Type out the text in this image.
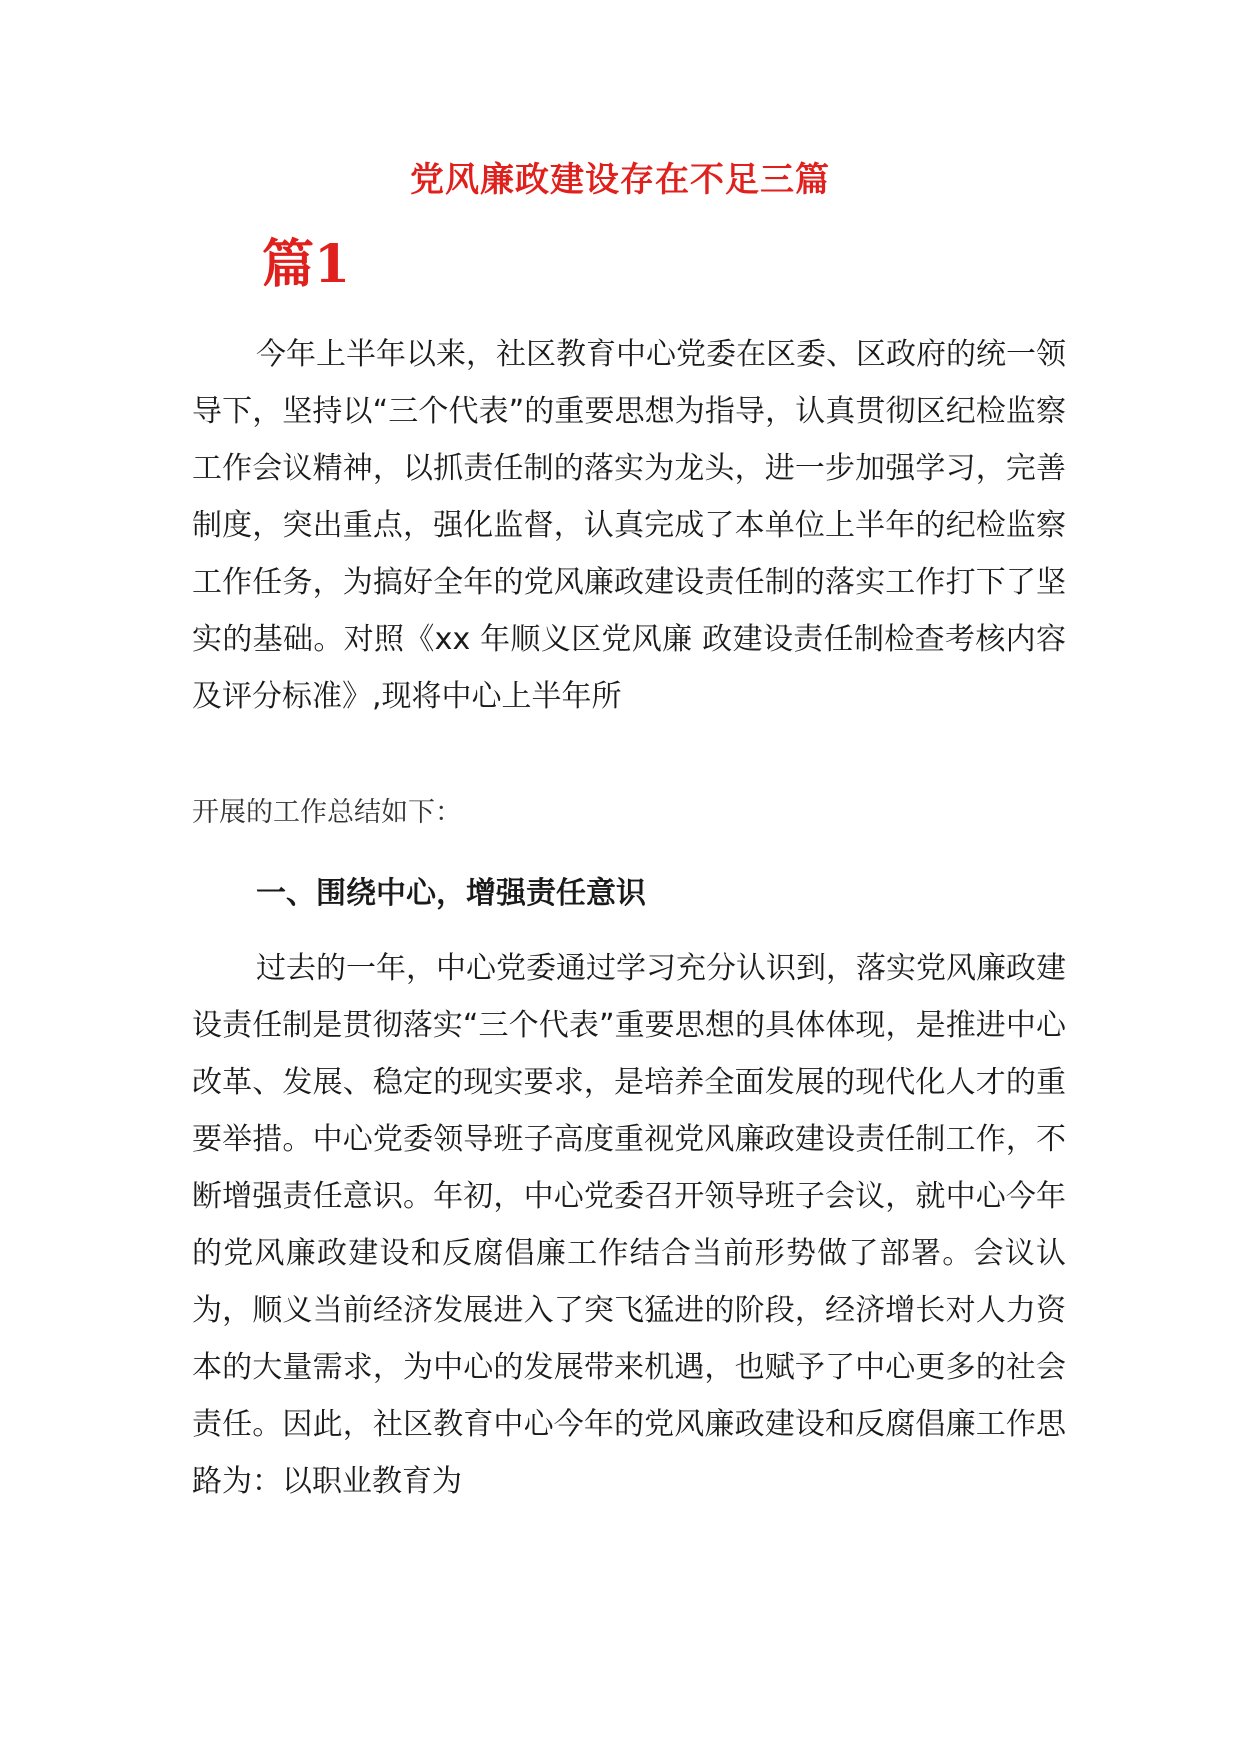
党风廉政建设存在不足三篇
篇1

今年上半年以来，社区教育中心党委在区委、区政府的统一领导下，坚持以“三个代表”的重要思想为指导，认真贯彻区纪检监察工作会议精神，以抓责任制的落实为龙头，进一步加强学习，完善制度，突出重点，强化监督，认真完成了本单位上半年的纪检监察工作任务，为搞好全年的党风廉政建设责任制的落实工作打下了坚实的基础。对照《xx 年顺义区党风廉 政建设责任制检查考核内容及评分标准》,现将中心上半年所

开展的工作总结如下：

一、围绕中心，增强责任意识

过去的一年，中心党委通过学习充分认识到，落实党风廉政建设责任制是贯彻落实“三个代表”重要思想的具体体现，是推进中心改革、发展、稳定的现实要求，是培养全面发展的现代化人才的重要举措。中心党委领导班子高度重视党风廉政建设责任制工作，不断增强责任意识。年初，中心党委召开领导班子会议，就中心今年的党风廉政建设和反腐倡廉工作结合当前形势做了部署。会议认为，顺义当前经济发展进入了突飞猛进的阶段，经济增长对人力资本的大量需求，为中心的发展带来机遇，也赋予了中心更多的社会责任。因此，社区教育中心今年的党风廉政建设和反腐倡廉工作思路为：以职业教育为
